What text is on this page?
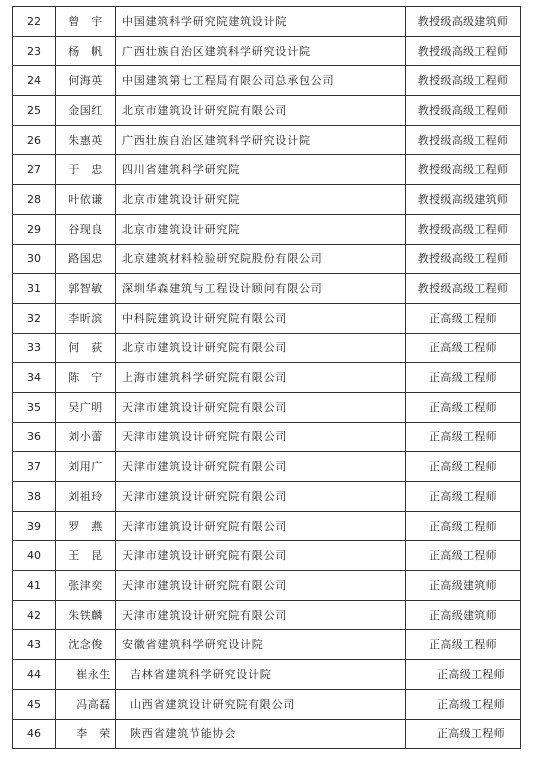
22	曾　宇	中国建筑科学研究院建筑设计院	教授级高级建筑师
23	杨　帆	广西壮族自治区建筑科学研究设计院	教授级高级工程师
24	何海英	中国建筑第七工程局有限公司总承包公司	教授级高级工程师
25	金国红	北京市建筑设计研究院有限公司	教授级高级工程师
26	朱惠英	广西壮族自治区建筑科学研究设计院	教授级高级工程师
27	于　忠	四川省建筑科学研究院	教授级高级工程师
28	叶依谦	北京市建筑设计研究院	教授级高级建筑师
29	谷现良	北京市建筑设计研究院	教授级高级工程师
30	路国忠	北京建筑材料检验研究院股份有限公司	教授级高级工程师
31	郭智敏	深圳华森建筑与工程设计顾问有限公司	教授级高级工程师
32	李昕滨	中科院建筑设计研究院有限公司	正高级工程师
33	何　荻	北京市建筑设计研究院有限公司	正高级工程师
34	陈　宁	上海市建筑科学研究院有限公司	正高级工程师
35	吴广明	天津市建筑设计研究院有限公司	正高级工程师
36	刘小蕾	天津市建筑设计研究院有限公司	正高级工程师
37	刘用广	天津市建筑设计研究院有限公司	正高级工程师
38	刘祖玲	天津市建筑设计研究院有限公司	正高级工程师
39	罗　燕	天津市建筑设计研究院有限公司	正高级工程师
40	王　昆	天津市建筑设计研究院有限公司	正高级工程师
41	张津奕	天津市建筑设计研究院有限公司	正高级建筑师
42	朱铁麟	天津市建筑设计研究院有限公司	正高级建筑师
43	沈念俊	安徽省建筑科学研究设计院	正高级工程师
44	崔永生	吉林省建筑科学研究设计院	正高级工程师
45	冯高磊	山西省建筑设计研究院有限公司	正高级工程师
46	李　荣	陕西省建筑节能协会	正高级工程师
